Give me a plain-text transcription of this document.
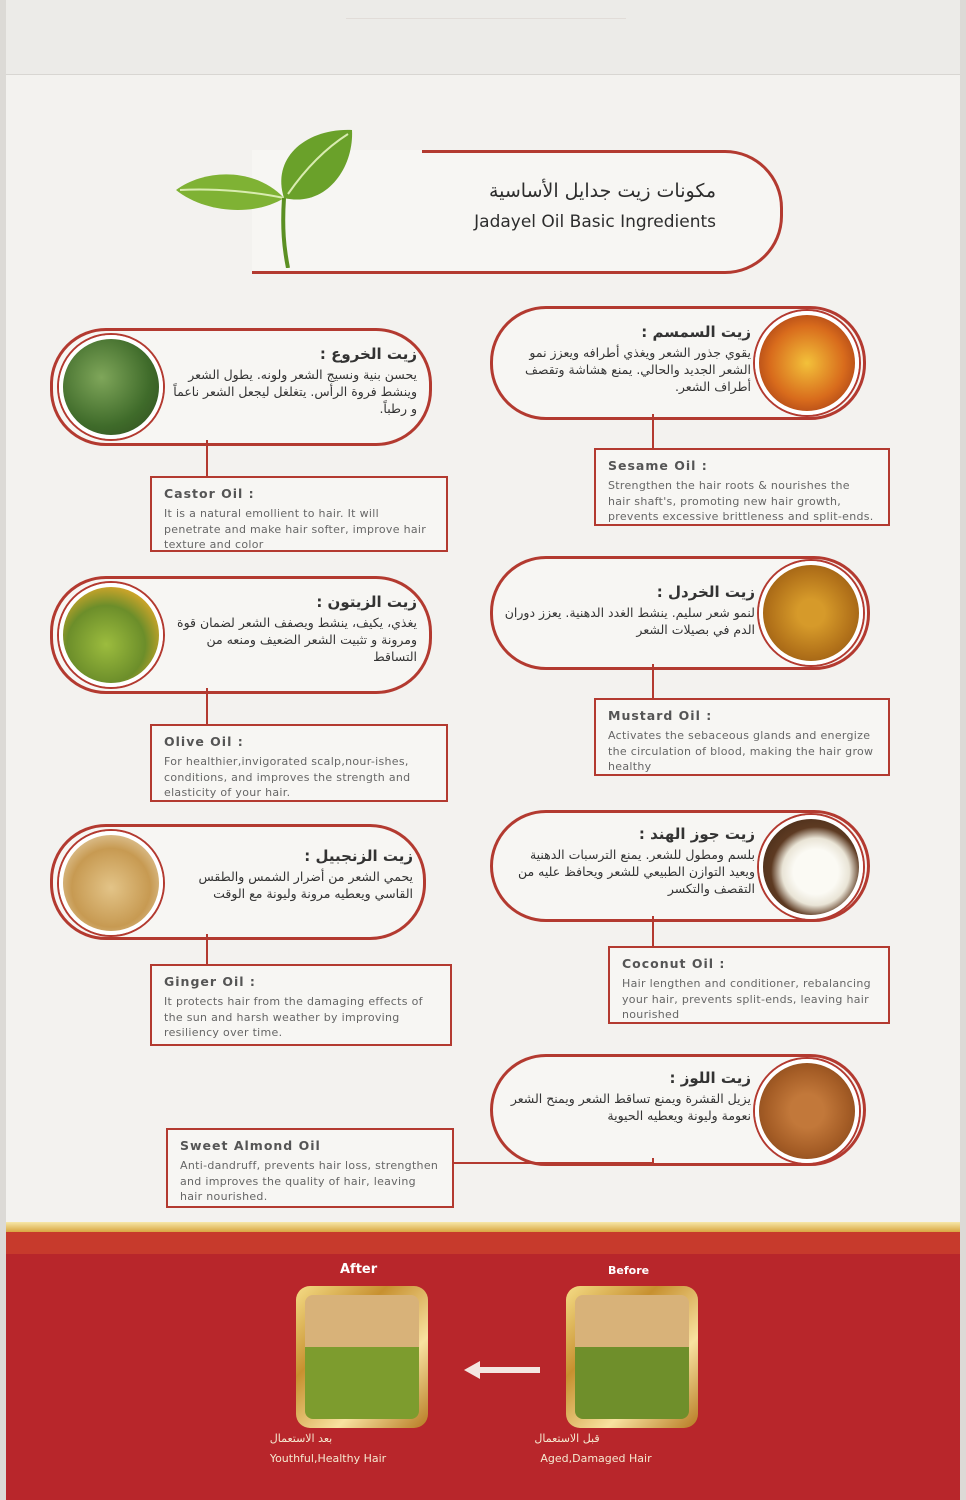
مكونات زيت جدايل الأساسية
Jadayel Oil Basic Ingredients
زيت الخروع :
يحسن بنية ونسيج الشعر ولونه. يطول الشعر وينشط فروة الرأس. يتغلغل ليجعل الشعر ناعماً و رطباً.
Castor Oil :
It is a natural emollient to hair. It will penetrate and make hair softer, improve hair texture and color
زيت السمسم :
يقوي جذور الشعر ويغذي أطرافه ويعزز نمو الشعر الجديد والحالي. يمنع هشاشة وتقصف أطراف الشعر.
Sesame Oil :
Strengthen the hair roots & nourishes the hair shaft's, promoting new hair growth, prevents excessive brittleness and split-ends.
زيت الزيتون :
يغذي، يكيف، ينشط ويصفف الشعر لضمان قوة ومرونة و تثبيت الشعر الضعيف ومنعه من التساقط
Olive Oil :
For healthier,invigorated scalp,nour-ishes, conditions, and improves the strength and elasticity of your hair.
زيت الخردل :
لنمو شعر سليم. ينشط الغدد الدهنية. يعزز دوران الدم في بصيلات الشعر
Mustard Oil :
Activates the sebaceous glands and energize the circulation of blood, making the hair grow healthy
زيت الزنجبيل :
يحمي الشعر من أضرار الشمس والطقس القاسي ويعطيه مرونة وليونة مع الوقت
Ginger Oil :
It protects hair from the damaging effects of the sun and harsh weather by improving resiliency over time.
زيت جوز الهند :
بلسم ومطول للشعر. يمنع الترسبات الدهنية ويعيد التوازن الطبيعي للشعر ويحافظ عليه من التقصف والتكسر
Coconut Oil :
Hair lengthen and conditioner, rebalancing your hair, prevents split-ends, leaving hair nourished
زيت اللوز :
يزيل القشرة ويمنع تساقط الشعر ويمنح الشعر نعومة وليونة ويعطيه الحيوية
Sweet Almond Oil
Anti-dandruff, prevents hair loss, strengthen and improves the quality of hair, leaving hair nourished.
After	Before
بعد الاستعمال
Youthful,Healthy Hair
قبل الاستعمال
Aged,Damaged Hair
